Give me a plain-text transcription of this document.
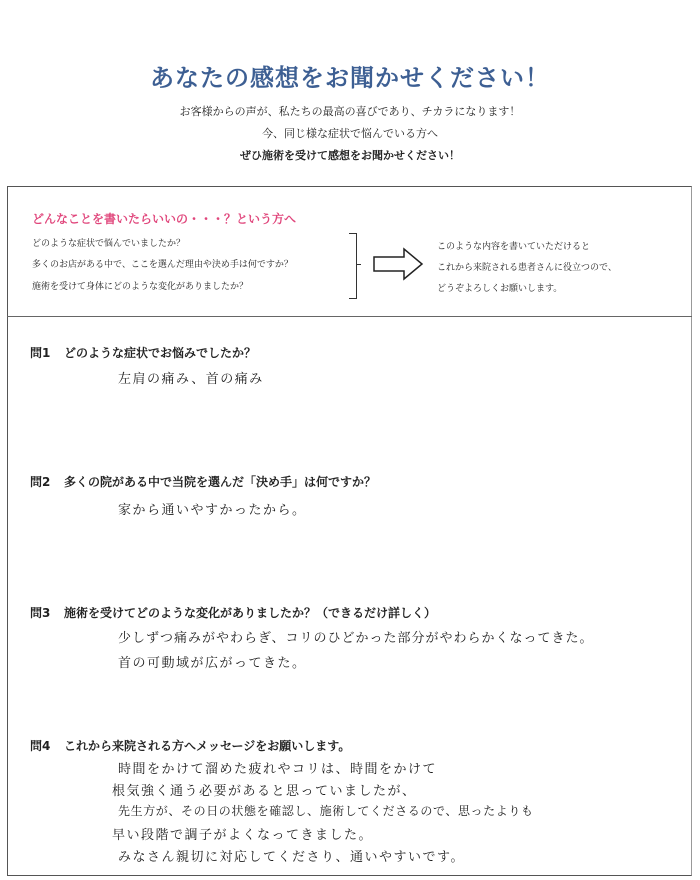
あなたの感想をお聞かせください！
お客様からの声が、私たちの最高の喜びであり、チカラになります！
今、同じ様な症状で悩んでいる方へ
ぜひ施術を受けて感想をお聞かせください！
どんなことを書いたらいいの・・・？という方へ
どのような症状で悩んでいましたか？
多くのお店がある中で、ここを選んだ理由や決め手は何ですか？
施術を受けて身体にどのような変化がありましたか？
このような内容を書いていただけると
これから来院される患者さんに役立つので、
どうぞよろしくお願いします。
問1 どのような症状でお悩みでしたか？
左肩の痛み、首の痛み
問2 多くの院がある中で当院を選んだ「決め手」は何ですか？
家から通いやすかったから。
問3 施術を受けてどのような変化がありましたか？（できるだけ詳しく）
少しずつ痛みがやわらぎ、コリのひどかった部分がやわらかくなってきた。
首の可動域が広がってきた。
問4 これから来院される方へメッセージをお願いします。
時間をかけて溜めた疲れやコリは、時間をかけて
根気強く通う必要があると思っていましたが、
先生方が、その日の状態を確認し、施術してくださるので、思ったよりも
早い段階で調子がよくなってきました。
みなさん親切に対応してくださり、通いやすいです。
